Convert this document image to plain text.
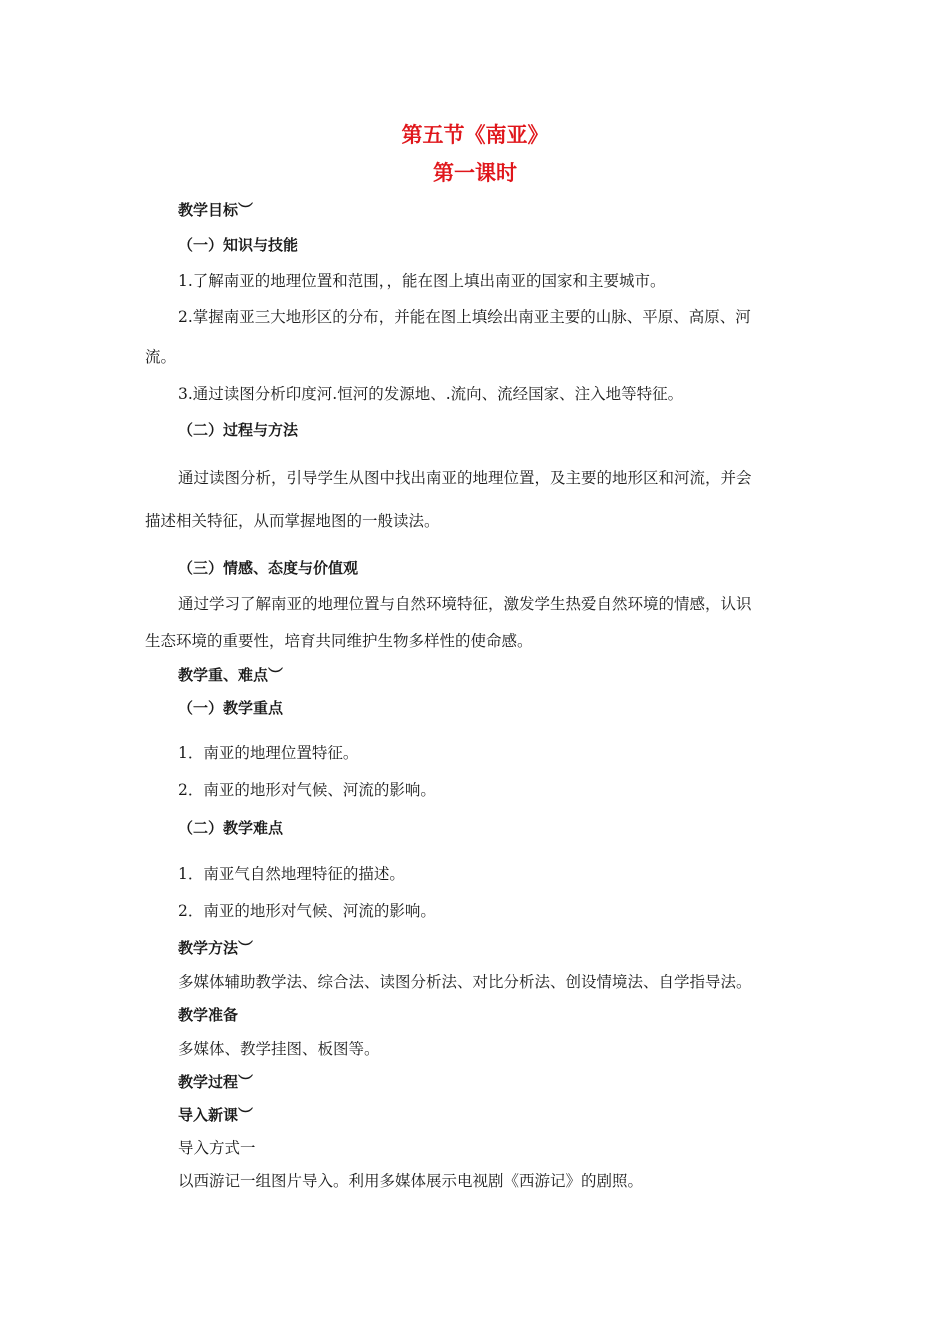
第五节《南亚》
第一课时
教学目标︶
（一）知识与技能
1.了解南亚的地理位置和范围，，能在图上填出南亚的国家和主要城市。
2.掌握南亚三大地形区的分布，并能在图上填绘出南亚主要的山脉、平原、高原、河
流。
3.通过读图分析印度河.恒河的发源地、.流向、流经国家、注入地等特征。
（二）过程与方法
通过读图分析，引导学生从图中找出南亚的地理位置，及主要的地形区和河流，并会
描述相关特征，从而掌握地图的一般读法。
（三）情感、态度与价值观
通过学习了解南亚的地理位置与自然环境特征，激发学生热爱自然环境的情感，认识
生态环境的重要性，培育共同维护生物多样性的使命感。
教学重、难点︶
（一）教学重点
1．南亚的地理位置特征。
2．南亚的地形对气候、河流的影响。
（二）教学难点
1．南亚气自然地理特征的描述。
2．南亚的地形对气候、河流的影响。
教学方法︶
多媒体辅助教学法、综合法、读图分析法、对比分析法、创设情境法、自学指导法。
教学准备
多媒体、教学挂图、板图等。
教学过程︶
导入新课︶
导入方式一
以西游记一组图片导入。利用多媒体展示电视剧《西游记》的剧照。
